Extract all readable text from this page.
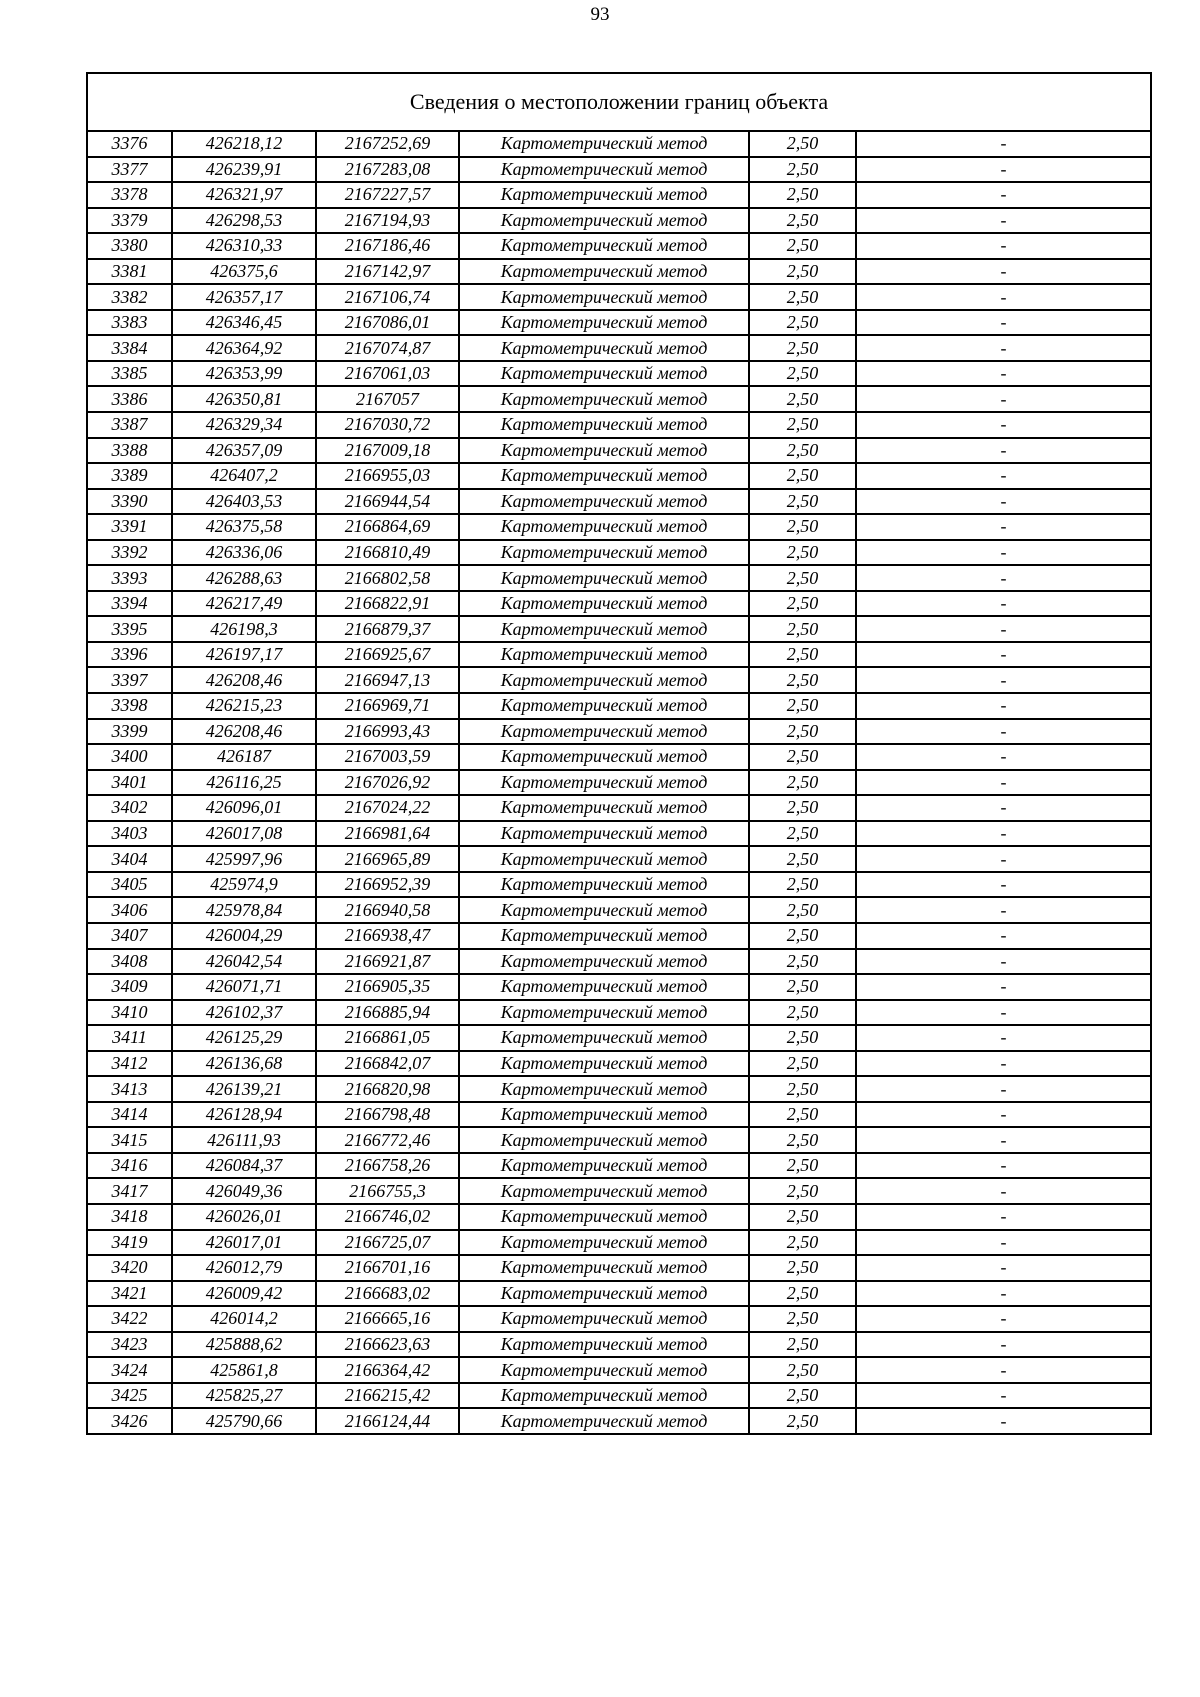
93
Сведения о местоположении границ объекта					
3376	426218,12	2167252,69	Картометрический метод	2,50	-
3377	426239,91	2167283,08	Картометрический метод	2,50	-
3378	426321,97	2167227,57	Картометрический метод	2,50	-
3379	426298,53	2167194,93	Картометрический метод	2,50	-
3380	426310,33	2167186,46	Картометрический метод	2,50	-
3381	426375,6	2167142,97	Картометрический метод	2,50	-
3382	426357,17	2167106,74	Картометрический метод	2,50	-
3383	426346,45	2167086,01	Картометрический метод	2,50	-
3384	426364,92	2167074,87	Картометрический метод	2,50	-
3385	426353,99	2167061,03	Картометрический метод	2,50	-
3386	426350,81	2167057	Картометрический метод	2,50	-
3387	426329,34	2167030,72	Картометрический метод	2,50	-
3388	426357,09	2167009,18	Картометрический метод	2,50	-
3389	426407,2	2166955,03	Картометрический метод	2,50	-
3390	426403,53	2166944,54	Картометрический метод	2,50	-
3391	426375,58	2166864,69	Картометрический метод	2,50	-
3392	426336,06	2166810,49	Картометрический метод	2,50	-
3393	426288,63	2166802,58	Картометрический метод	2,50	-
3394	426217,49	2166822,91	Картометрический метод	2,50	-
3395	426198,3	2166879,37	Картометрический метод	2,50	-
3396	426197,17	2166925,67	Картометрический метод	2,50	-
3397	426208,46	2166947,13	Картометрический метод	2,50	-
3398	426215,23	2166969,71	Картометрический метод	2,50	-
3399	426208,46	2166993,43	Картометрический метод	2,50	-
3400	426187	2167003,59	Картометрический метод	2,50	-
3401	426116,25	2167026,92	Картометрический метод	2,50	-
3402	426096,01	2167024,22	Картометрический метод	2,50	-
3403	426017,08	2166981,64	Картометрический метод	2,50	-
3404	425997,96	2166965,89	Картометрический метод	2,50	-
3405	425974,9	2166952,39	Картометрический метод	2,50	-
3406	425978,84	2166940,58	Картометрический метод	2,50	-
3407	426004,29	2166938,47	Картометрический метод	2,50	-
3408	426042,54	2166921,87	Картометрический метод	2,50	-
3409	426071,71	2166905,35	Картометрический метод	2,50	-
3410	426102,37	2166885,94	Картометрический метод	2,50	-
3411	426125,29	2166861,05	Картометрический метод	2,50	-
3412	426136,68	2166842,07	Картометрический метод	2,50	-
3413	426139,21	2166820,98	Картометрический метод	2,50	-
3414	426128,94	2166798,48	Картометрический метод	2,50	-
3415	426111,93	2166772,46	Картометрический метод	2,50	-
3416	426084,37	2166758,26	Картометрический метод	2,50	-
3417	426049,36	2166755,3	Картометрический метод	2,50	-
3418	426026,01	2166746,02	Картометрический метод	2,50	-
3419	426017,01	2166725,07	Картометрический метод	2,50	-
3420	426012,79	2166701,16	Картометрический метод	2,50	-
3421	426009,42	2166683,02	Картометрический метод	2,50	-
3422	426014,2	2166665,16	Картометрический метод	2,50	-
3423	425888,62	2166623,63	Картометрический метод	2,50	-
3424	425861,8	2166364,42	Картометрический метод	2,50	-
3425	425825,27	2166215,42	Картометрический метод	2,50	-
3426	425790,66	2166124,44	Картометрический метод	2,50	-
